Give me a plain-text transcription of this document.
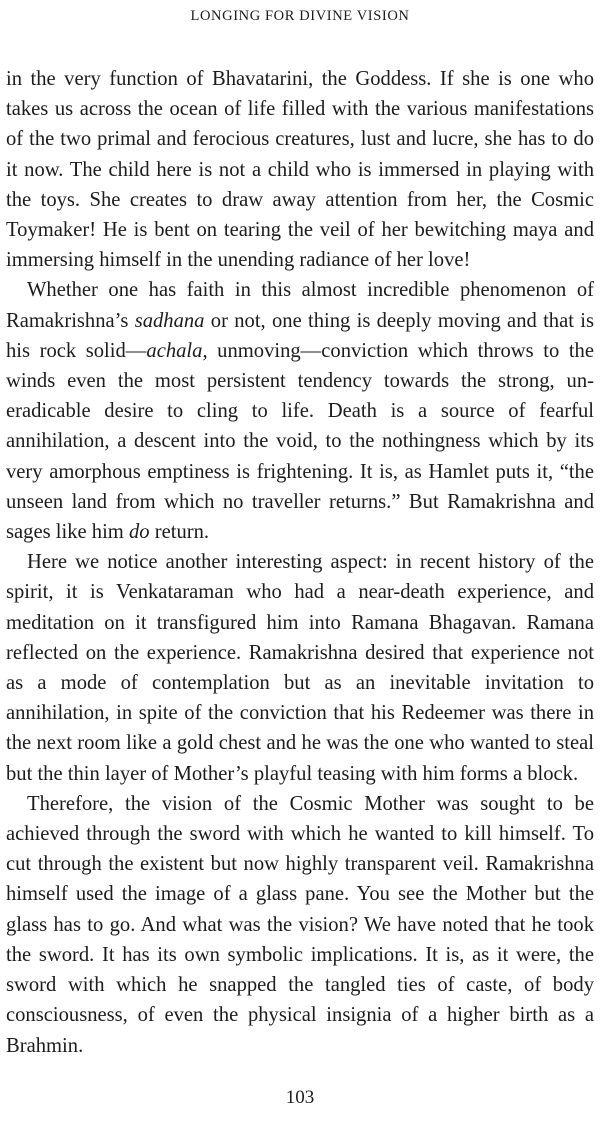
LONGING FOR DIVINE VISION

in the very function of Bhavatarini, the Goddess. If she is one who takes us across the ocean of life filled with the various manifestations of the two primal and ferocious creatures, lust and lucre, she has to do it now. The child here is not a child who is immersed in playing with the toys. She creates to draw away attention from her, the Cosmic Toymaker! He is bent on tearing the veil of her bewitching maya and immersing himself in the unending radiance of her love!

Whether one has faith in this almost incredible phenomenon of Ramakrishna’s sadhana or not, one thing is deeply moving and that is his rock solid—achala, unmoving—conviction which throws to the winds even the most persistent tendency towards the strong, un-eradicable desire to cling to life. Death is a source of fearful annihilation, a descent into the void, to the nothingness which by its very amorphous emptiness is frightening. It is, as Hamlet puts it, “the unseen land from which no traveller returns.” But Ramakrishna and sages like him do return.

Here we notice another interesting aspect: in recent history of the spirit, it is Venkataraman who had a near-death experience, and meditation on it transfigured him into Ramana Bhagavan. Ramana reflected on the experience. Ramakrishna desired that experience not as a mode of contemplation but as an inevitable invitation to annihilation, in spite of the conviction that his Redeemer was there in the next room like a gold chest and he was the one who wanted to steal but the thin layer of Mother’s playful teasing with him forms a block.

Therefore, the vision of the Cosmic Mother was sought to be achieved through the sword with which he wanted to kill himself. To cut through the existent but now highly transparent veil. Ramakrishna himself used the image of a glass pane. You see the Mother but the glass has to go. And what was the vision? We have noted that he took the sword. It has its own symbolic implications. It is, as it were, the sword with which he snapped the tangled ties of caste, of body consciousness, of even the physical insignia of a higher birth as a Brahmin.

103
